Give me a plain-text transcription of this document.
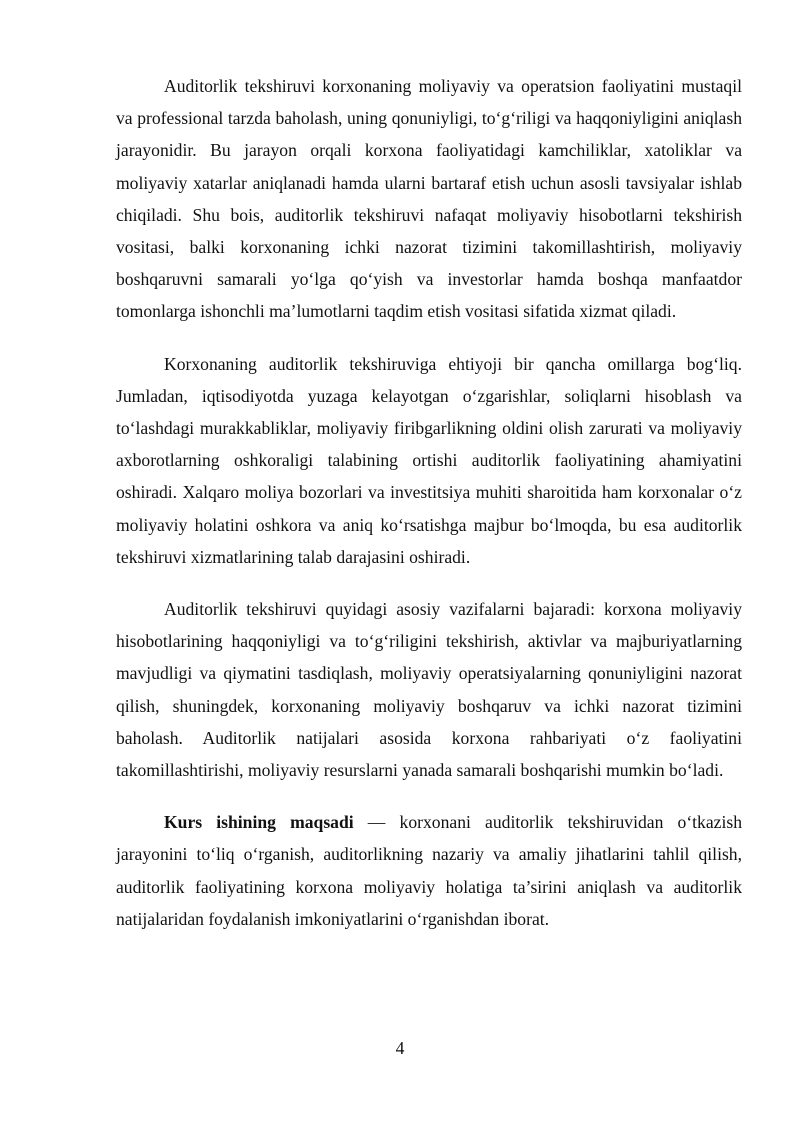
Auditorlik tekshiruvi korxonaning moliyaviy va operatsion faoliyatini mustaqil va professional tarzda baholash, uning qonuniyligi, to‘g‘riligi va haqqoniyligini aniqlash jarayonidir. Bu jarayon orqali korxona faoliyatidagi kamchiliklar, xatoliklar va moliyaviy xatarlar aniqlanadi hamda ularni bartaraf etish uchun asosli tavsiyalar ishlab chiqiladi. Shu bois, auditorlik tekshiruvi nafaqat moliyaviy hisobotlarni tekshirish vositasi, balki korxonaning ichki nazorat tizimini takomillashtirish, moliyaviy boshqaruvni samarali yo‘lga qo‘yish va investorlar hamda boshqa manfaatdor tomonlarga ishonchli ma’lumotlarni taqdim etish vositasi sifatida xizmat qiladi.

Korxonaning auditorlik tekshiruviga ehtiyoji bir qancha omillarga bog‘liq. Jumladan, iqtisodiyotda yuzaga kelayotgan o‘zgarishlar, soliqlarni hisoblash va to‘lashdagi murakkabliklar, moliyaviy firibgarlikning oldini olish zarurati va moliyaviy axborotlarning oshkoraligi talabining ortishi auditorlik faoliyatining ahamiyatini oshiradi. Xalqaro moliya bozorlari va investitsiya muhiti sharoitida ham korxonalar o‘z moliyaviy holatini oshkora va aniq ko‘rsatishga majbur bo‘lmoqda, bu esa auditorlik tekshiruvi xizmatlarining talab darajasini oshiradi.

Auditorlik tekshiruvi quyidagi asosiy vazifalarni bajaradi: korxona moliyaviy hisobotlarining haqqoniyligi va to‘g‘riligini tekshirish, aktivlar va majburiyatlarning mavjudligi va qiymatini tasdiqlash, moliyaviy operatsiyalarning qonuniyligini nazorat qilish, shuningdek, korxonaning moliyaviy boshqaruv va ichki nazorat tizimini baholash. Auditorlik natijalari asosida korxona rahbariyati o‘z faoliyatini takomillashtirishi, moliyaviy resurslarni yanada samarali boshqarishi mumkin bo‘ladi.

Kurs ishining maqsadi — korxonani auditorlik tekshiruvidan o‘tkazish jarayonini to‘liq o‘rganish, auditorlikning nazariy va amaliy jihatlarini tahlil qilish, auditorlik faoliyatining korxona moliyaviy holatiga ta’sirini aniqlash va auditorlik natijalaridan foydalanish imkoniyatlarini o‘rganishdan iborat.

4
